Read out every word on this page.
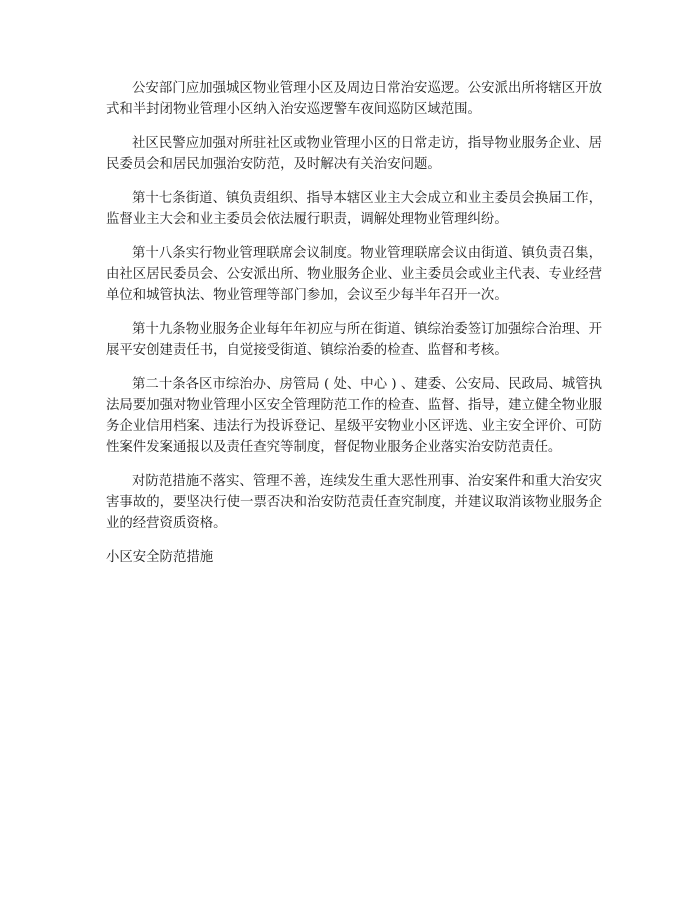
公安部门应加强城区物业管理小区及周边日常治安巡逻。公安派出所将辖区开放式和半封闭物业管理小区纳入治安巡逻警车夜间巡防区域范围。

社区民警应加强对所驻社区或物业管理小区的日常走访，指导物业服务企业、居民委员会和居民加强治安防范，及时解决有关治安问题。

第十七条街道、镇负责组织、指导本辖区业主大会成立和业主委员会换届工作，监督业主大会和业主委员会依法履行职责，调解处理物业管理纠纷。

第十八条实行物业管理联席会议制度。物业管理联席会议由街道、镇负责召集，由社区居民委员会、公安派出所、物业服务企业、业主委员会或业主代表、专业经营单位和城管执法、物业管理等部门参加，会议至少每半年召开一次。

第十九条物业服务企业每年年初应与所在街道、镇综治委签订加强综合治理、开展平安创建责任书，自觉接受街道、镇综治委的检查、监督和考核。

第二十条各区市综治办、房管局 ( 处、中心 ) 、建委、公安局、民政局、城管执法局要加强对物业管理小区安全管理防范工作的检查、监督、指导，建立健全物业服务企业信用档案、违法行为投诉登记、星级平安物业小区评选、业主安全评价、可防性案件发案通报以及责任查究等制度，督促物业服务企业落实治安防范责任。

对防范措施不落实、管理不善，连续发生重大恶性刑事、治安案件和重大治安灾害事故的，要坚决行使一票否决和治安防范责任查究制度，并建议取消该物业服务企业的经营资质资格。

小区安全防范措施
